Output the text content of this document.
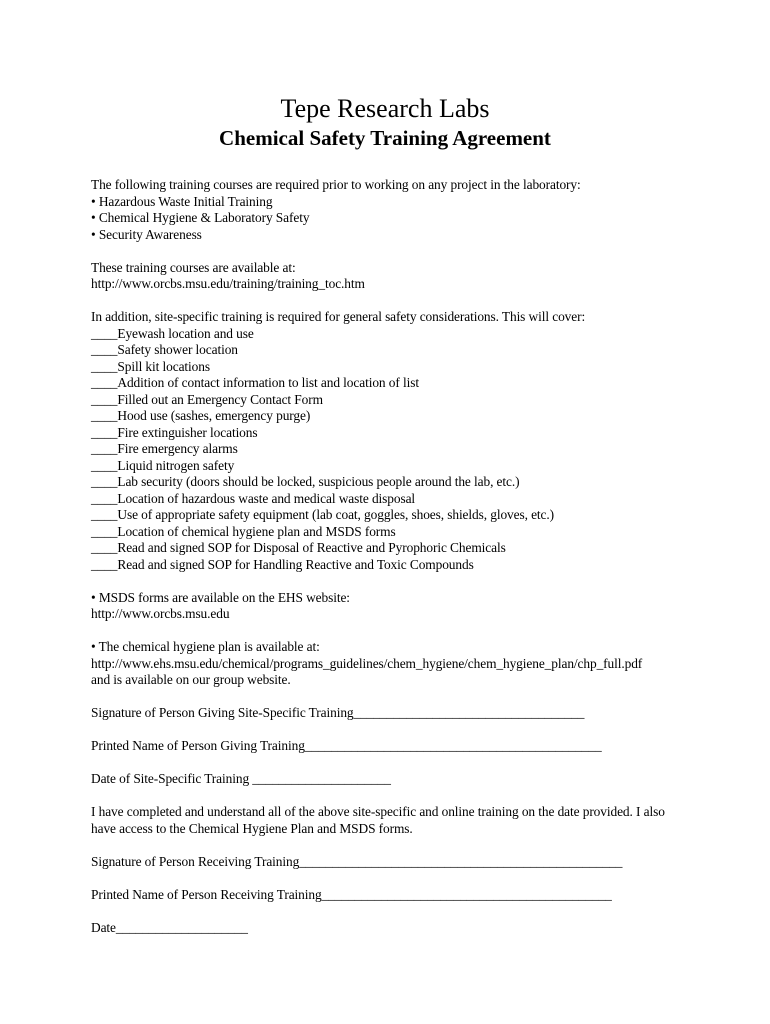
Tepe Research Labs
Chemical Safety Training Agreement
The following training courses are required prior to working on any project in the laboratory:
• Hazardous Waste Initial Training
• Chemical Hygiene & Laboratory Safety
• Security Awareness
These training courses are available at:
http://www.orcbs.msu.edu/training/training_toc.htm
In addition, site-specific training is required for general safety considerations. This will cover:
____Eyewash location and use
____Safety shower location
____Spill kit locations
____Addition of contact information to list and location of list
____Filled out an Emergency Contact Form
____Hood use (sashes, emergency purge)
____Fire extinguisher locations
____Fire emergency alarms
____Liquid nitrogen safety
____Lab security (doors should be locked, suspicious people around the lab, etc.)
____Location of hazardous waste and medical waste disposal
____Use of appropriate safety equipment (lab coat, goggles, shoes, shields, gloves, etc.)
____Location of chemical hygiene plan and MSDS forms
____Read and signed SOP for Disposal of Reactive and Pyrophoric Chemicals
____Read and signed SOP for Handling Reactive and Toxic Compounds
• MSDS forms are available on the EHS website:
http://www.orcbs.msu.edu
• The chemical hygiene plan is available at:
http://www.ehs.msu.edu/chemical/programs_guidelines/chem_hygiene/chem_hygiene_plan/chp_full.pdf
and is available on our group website.
Signature of Person Giving Site-Specific Training___________________________________
Printed Name of Person Giving Training_____________________________________________
Date of Site-Specific Training _____________________
I have completed and understand all of the above site-specific and online training on the date provided. I also have access to the Chemical Hygiene Plan and MSDS forms.
Signature of Person Receiving Training_________________________________________________
Printed Name of Person Receiving Training____________________________________________
Date____________________
